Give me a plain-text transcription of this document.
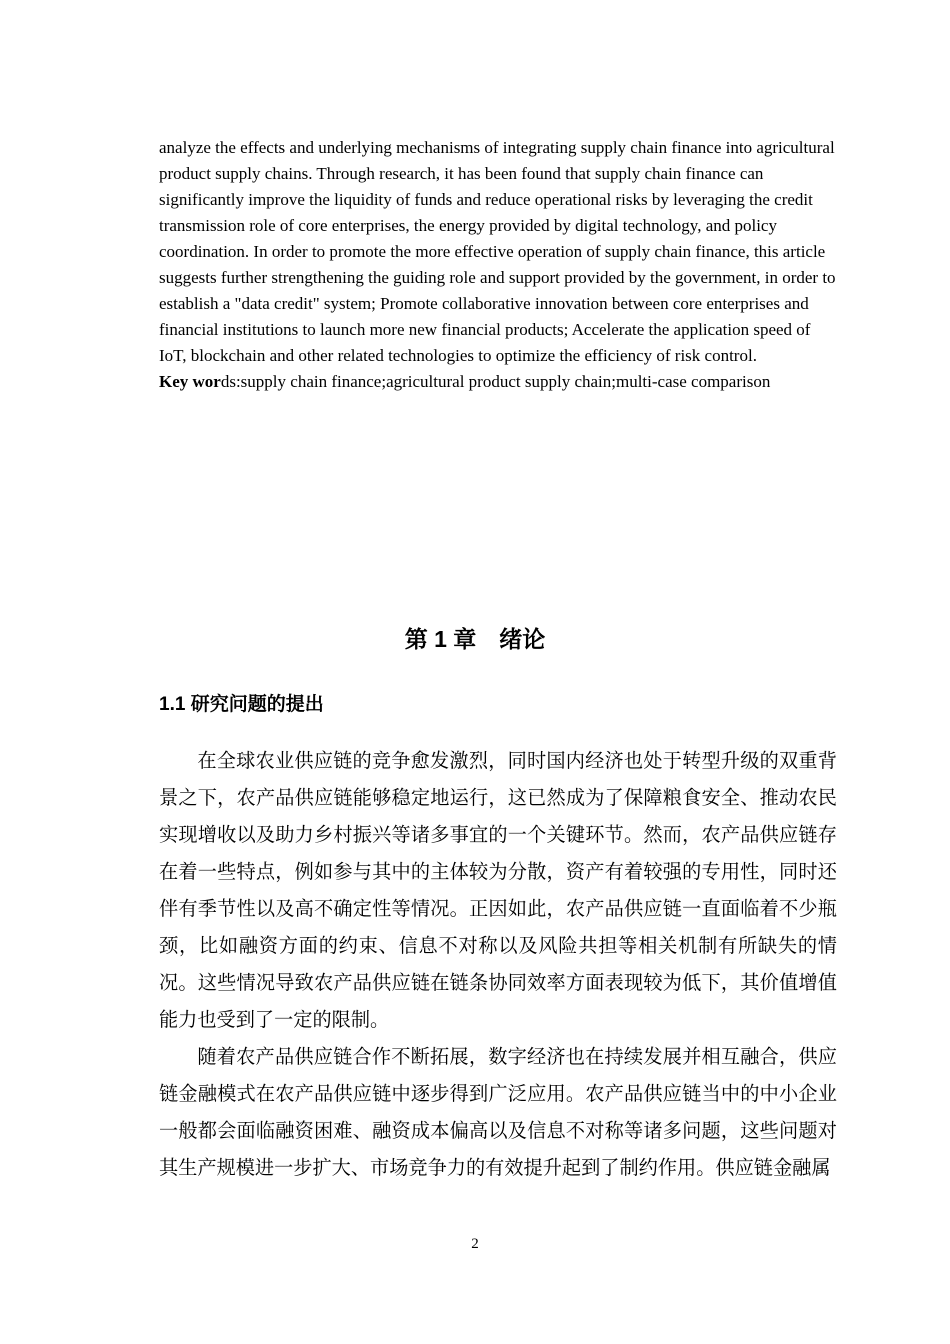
analyze the effects and underlying mechanisms of integrating supply chain finance into agricultural product supply chains. Through research, it has been found that supply chain finance can significantly improve the liquidity of funds and reduce operational risks by leveraging the credit transmission role of core enterprises, the energy provided by digital technology, and policy coordination. In order to promote the more effective operation of supply chain finance, this article suggests further strengthening the guiding role and support provided by the government, in order to establish a "data credit" system; Promote collaborative innovation between core enterprises and financial institutions to launch more new financial products; Accelerate the application speed of IoT, blockchain and other related technologies to optimize the efficiency of risk control.

Key words:supply chain finance;agricultural product supply chain;multi-case comparison

第 1 章　绪论
1.1 研究问题的提出

在全球农业供应链的竞争愈发激烈，同时国内经济也处于转型升级的双重背景之下，农产品供应链能够稳定地运行，这已然成为了保障粮食安全、推动农民实现增收以及助力乡村振兴等诸多事宜的一个关键环节。然而，农产品供应链存在着一些特点，例如参与其中的主体较为分散，资产有着较强的专用性，同时还伴有季节性以及高不确定性等情况。正因如此，农产品供应链一直面临着不少瓶颈，比如融资方面的约束、信息不对称以及风险共担等相关机制有所缺失的情况。这些情况导致农产品供应链在链条协同效率方面表现较为低下，其价值增值能力也受到了一定的限制。

随着农产品供应链合作不断拓展，数字经济也在持续发展并相互融合，供应链金融模式在农产品供应链中逐步得到广泛应用。农产品供应链当中的中小企业一般都会面临融资困难、融资成本偏高以及信息不对称等诸多问题，这些问题对其生产规模进一步扩大、市场竞争力的有效提升起到了制约作用。供应链金融属

2
